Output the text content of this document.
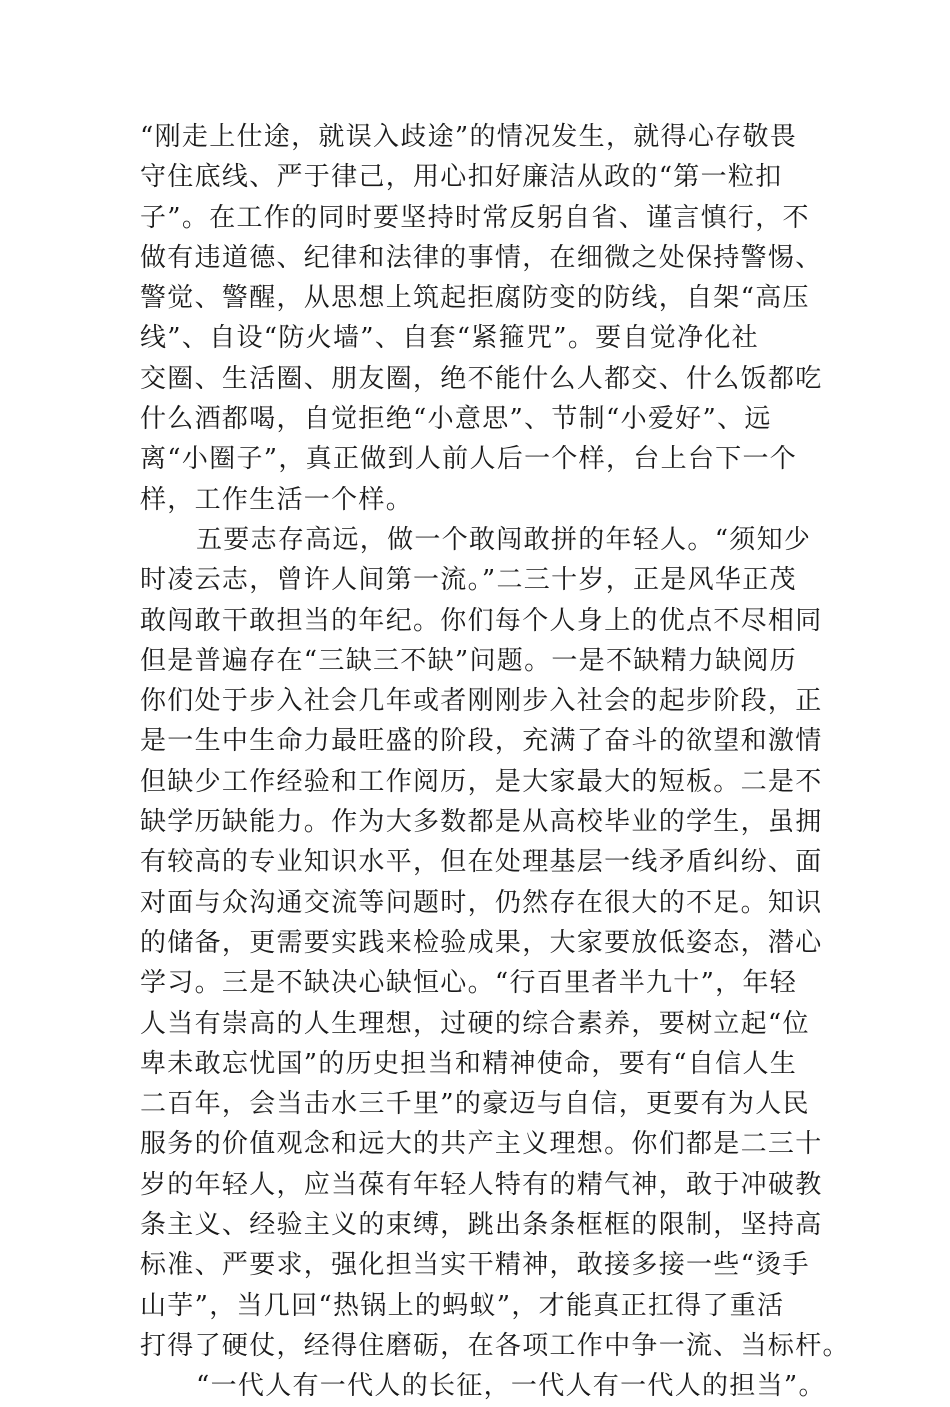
“刚走上仕途，就误入歧途”的情况发生，就得心存敬畏
守住底线、严于律己，用心扣好廉洁从政的“第一粒扣
子”。在工作的同时要坚持时常反躬自省、谨言慎行，不
做有违道德、纪律和法律的事情，在细微之处保持警惕、
警觉、警醒，从思想上筑起拒腐防变的防线，自架“高压
线”、自设“防火墙”、自套“紧箍咒”。要自觉净化社
交圈、生活圈、朋友圈，绝不能什么人都交、什么饭都吃
什么酒都喝，自觉拒绝“小意思”、节制“小爱好”、远
离“小圈子”，真正做到人前人后一个样，台上台下一个
样，工作生活一个样。
五要志存高远，做一个敢闯敢拼的年轻人。“须知少
时凌云志，曾许人间第一流。”二三十岁，正是风华正茂
敢闯敢干敢担当的年纪。你们每个人身上的优点不尽相同
但是普遍存在“三缺三不缺”问题。一是不缺精力缺阅历
你们处于步入社会几年或者刚刚步入社会的起步阶段，正
是一生中生命力最旺盛的阶段，充满了奋斗的欲望和激情
但缺少工作经验和工作阅历，是大家最大的短板。二是不
缺学历缺能力。作为大多数都是从高校毕业的学生，虽拥
有较高的专业知识水平，但在处理基层一线矛盾纠纷、面
对面与众沟通交流等问题时，仍然存在很大的不足。知识
的储备，更需要实践来检验成果，大家要放低姿态，潜心
学习。三是不缺决心缺恒心。“行百里者半九十”，年轻
人当有崇高的人生理想，过硬的综合素养，要树立起“位
卑未敢忘忧国”的历史担当和精神使命，要有“自信人生
二百年，会当击水三千里”的豪迈与自信，更要有为人民
服务的价值观念和远大的共产主义理想。你们都是二三十
岁的年轻人，应当葆有年轻人特有的精气神，敢于冲破教
条主义、经验主义的束缚，跳出条条框框的限制，坚持高
标准、严要求，强化担当实干精神，敢接多接一些“烫手
山芋”，当几回“热锅上的蚂蚁”，才能真正扛得了重活
打得了硬仗，经得住磨砺，在各项工作中争一流、当标杆。
“一代人有一代人的长征，一代人有一代人的担当”。
